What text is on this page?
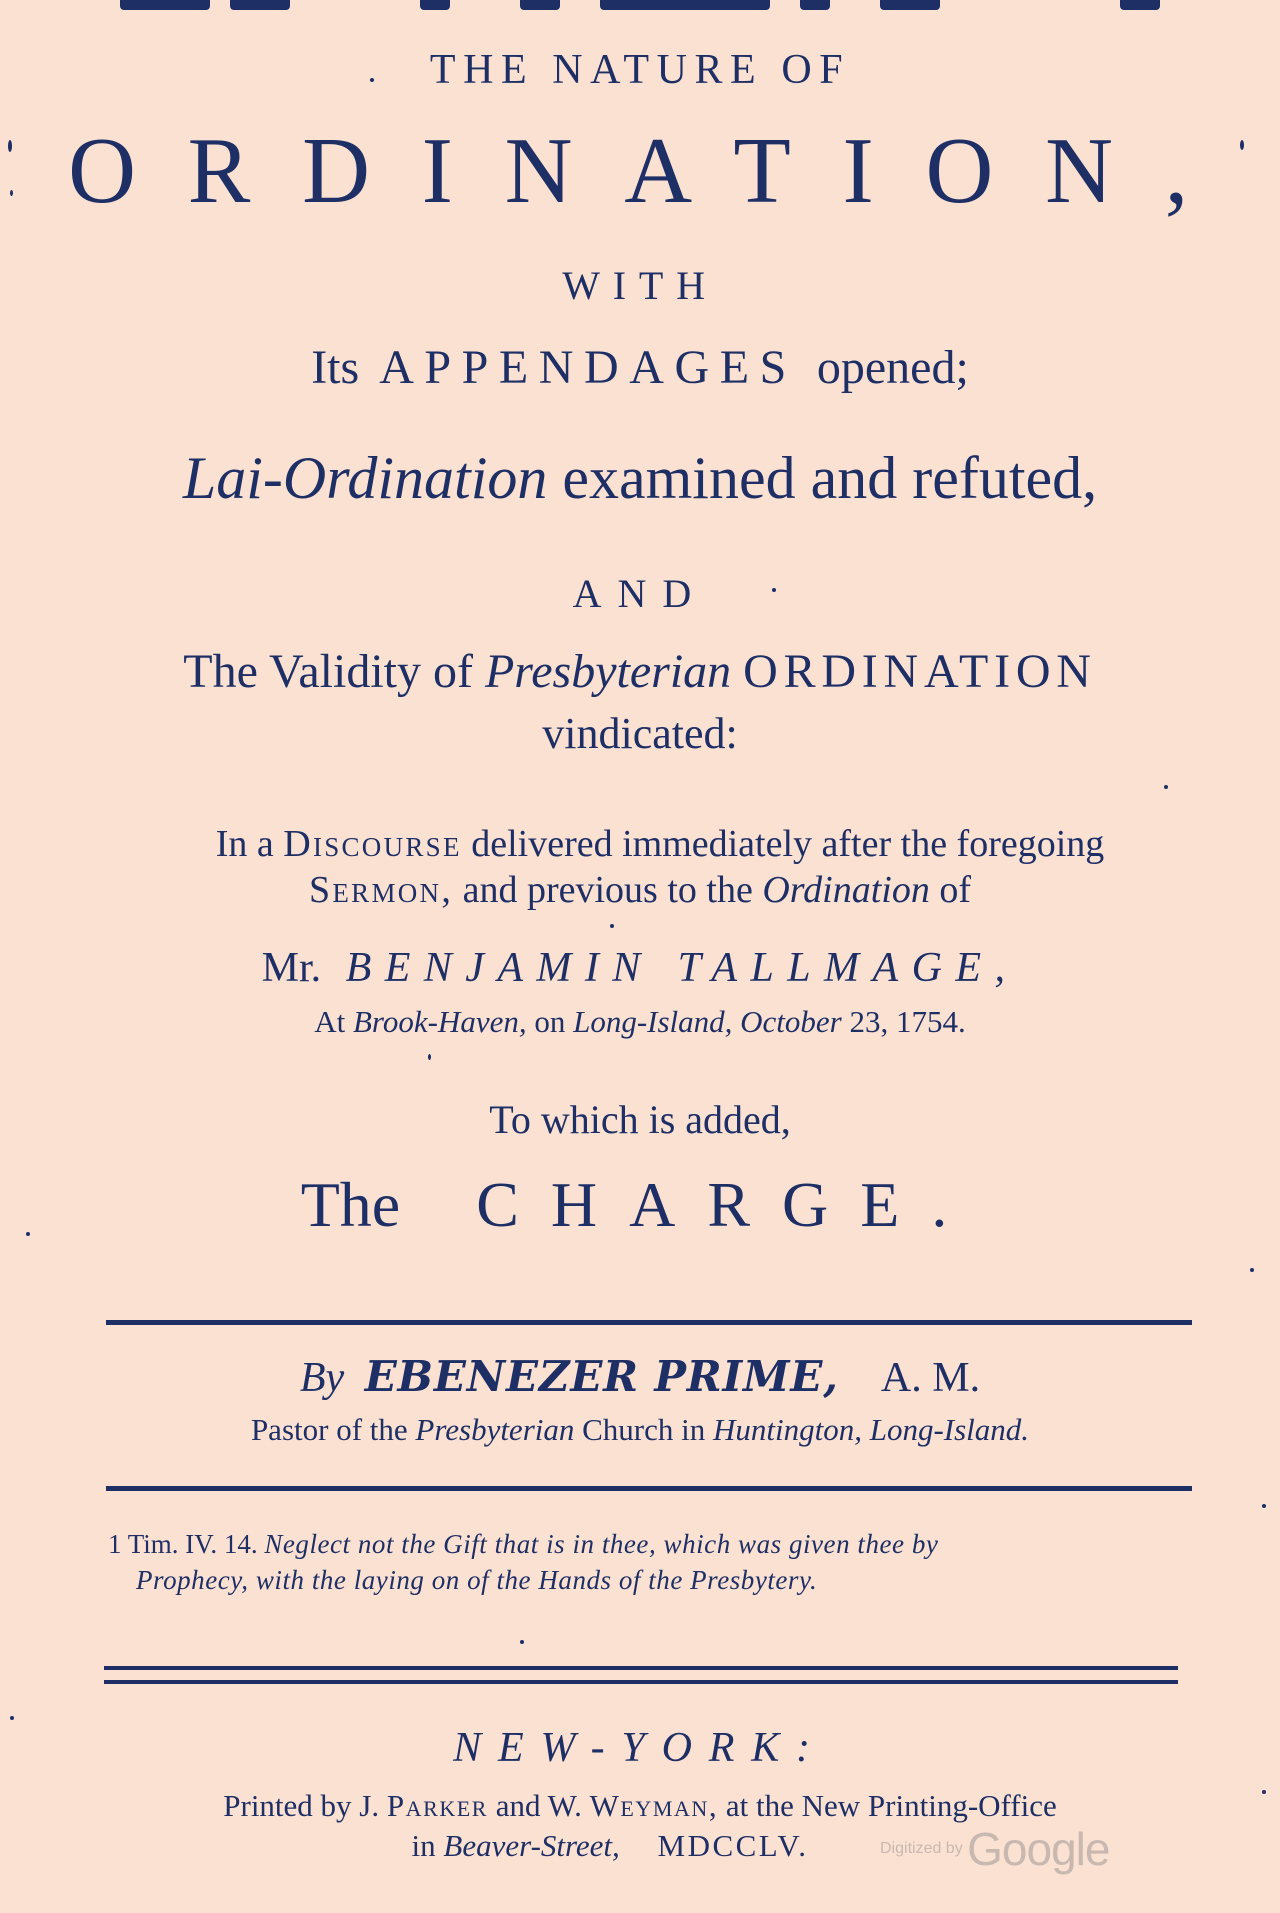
THE NATURE OF
ORDINATION,
WITH
Its APPENDAGES opened;
Lai-Ordination examined and refuted,
AND
The Validity of Presbyterian ORDINATION
vindicated:
In a Discourse delivered immediately after the foregoing
Sermon, and previous to the Ordination of
Mr. BENJAMIN TALLMAGE,
At Brook-Haven, on Long-Island, October 23, 1754.
To which is added,
The CHARGE.
By EBENEZER PRIME, A. M.
Pastor of the Presbyterian Church in Huntington, Long-Island.
1 Tim. IV. 14. Neglect not the Gift that is in thee, which was given thee by
Prophecy, with the laying on of the Hands of the Presbytery.
NEW-YORK:
Printed by J. Parker and W. Weyman, at the New Printing-Office
in Beaver-Street, MDCCLV.	Digitized by Google
